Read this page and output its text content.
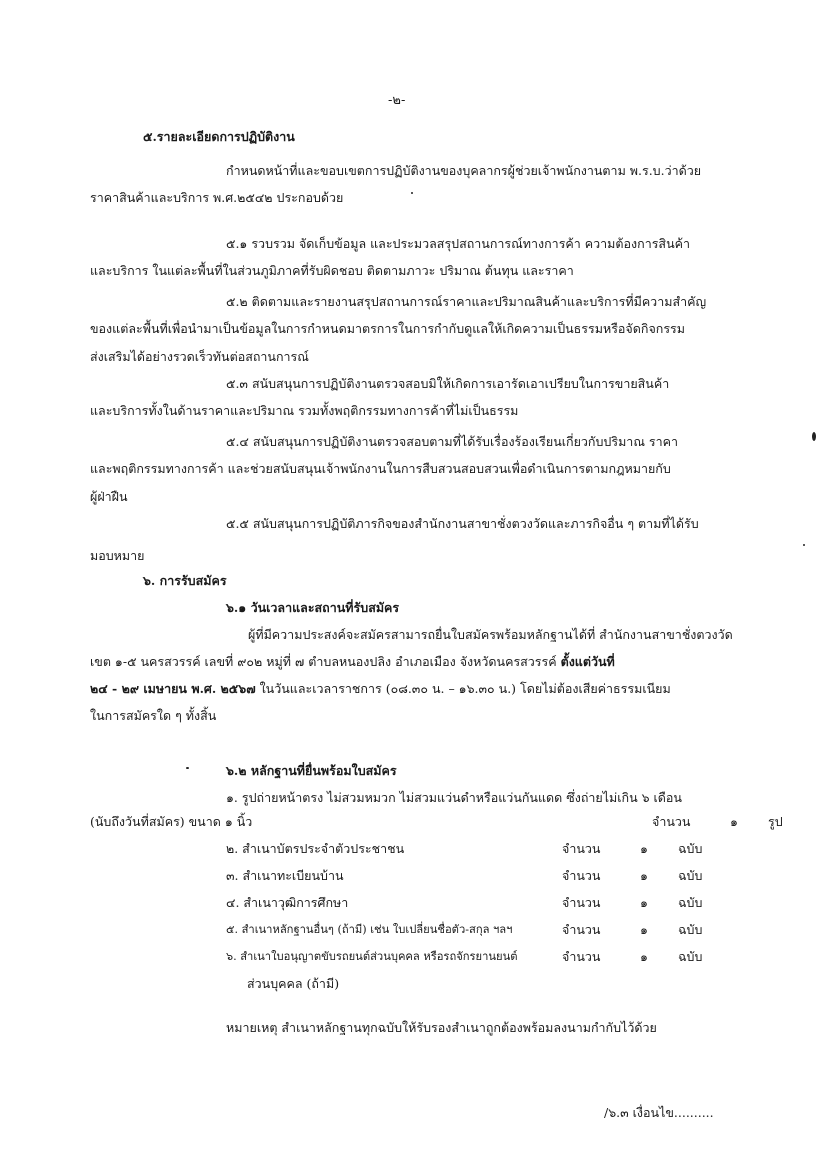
-๒-
๕.รายละเอียดการปฏิบัติงาน
กำหนดหน้าที่และขอบเขตการปฏิบัติงานของบุคลากรผู้ช่วยเจ้าพนักงานตาม พ.ร.บ.ว่าด้วย
ราคาสินค้าและบริการ พ.ศ.๒๕๔๒ ประกอบด้วย
๕.๑ รวบรวม จัดเก็บข้อมูล และประมวลสรุปสถานการณ์ทางการค้า ความต้องการสินค้า
และบริการ ในแต่ละพื้นที่ในส่วนภูมิภาคที่รับผิดชอบ ติดตามภาวะ ปริมาณ ต้นทุน และราคา
๕.๒ ติดตามและรายงานสรุปสถานการณ์ราคาและปริมาณสินค้าและบริการที่มีความสำคัญ
ของแต่ละพื้นที่เพื่อนำมาเป็นข้อมูลในการกำหนดมาตรการในการกำกับดูแลให้เกิดความเป็นธรรมหรือจัดกิจกรรม
ส่งเสริมได้อย่างรวดเร็วทันต่อสถานการณ์
๕.๓ สนับสนุนการปฏิบัติงานตรวจสอบมิให้เกิดการเอารัดเอาเปรียบในการขายสินค้า
และบริการทั้งในด้านราคาและปริมาณ รวมทั้งพฤติกรรมทางการค้าที่ไม่เป็นธรรม
๕.๔ สนับสนุนการปฏิบัติงานตรวจสอบตามที่ได้รับเรื่องร้องเรียนเกี่ยวกับปริมาณ ราคา
และพฤติกรรมทางการค้า และช่วยสนับสนุนเจ้าพนักงานในการสืบสวนสอบสวนเพื่อดำเนินการตามกฎหมายกับ
ผู้ฝ่าฝืน
๕.๕ สนับสนุนการปฏิบัติภารกิจของสำนักงานสาขาชั่งตวงวัดและภารกิจอื่น ๆ ตามที่ได้รับ
มอบหมาย
๖. การรับสมัคร
๖.๑ วันเวลาและสถานที่รับสมัคร
ผู้ที่มีความประสงค์จะสมัครสามารถยื่นใบสมัครพร้อมหลักฐานได้ที่ สำนักงานสาขาชั่งตวงวัด
เขต ๑-๕ นครสวรรค์ เลขที่ ๙๐๒ หมู่ที่ ๗ ตำบลหนองปลิง อำเภอเมือง จังหวัดนครสวรรค์ ตั้งแต่วันที่
๒๔ - ๒๙ เมษายน พ.ศ. ๒๕๖๗ ในวันและเวลาราชการ (๐๘.๓๐ น. – ๑๖.๓๐ น.) โดยไม่ต้องเสียค่าธรรมเนียม
ในการสมัครใด ๆ ทั้งสิ้น
๖.๒ หลักฐานที่ยื่นพร้อมใบสมัคร
๑. รูปถ่ายหน้าตรง ไม่สวมหมวก ไม่สวมแว่นดำหรือแว่นกันแดด ซึ่งถ่ายไม่เกิน ๖ เดือน
(นับถึงวันที่สมัคร) ขนาด ๑ นิ้ว	จำนวน	๑ รูป
๒. สำเนาบัตรประจำตัวประชาชน	จำนวน	๑ ฉบับ
๓. สำเนาทะเบียนบ้าน	จำนวน	๑ ฉบับ
๔. สำเนาวุฒิการศึกษา	จำนวน	๑ ฉบับ
๕. สำเนาหลักฐานอื่นๆ (ถ้ามี) เช่น ใบเปลี่ยนชื่อตัว-สกุล ฯลฯ	จำนวน	๑ ฉบับ
๖. สำเนาใบอนุญาตขับรถยนต์ส่วนบุคคล หรือรถจักรยานยนต์	จำนวน	๑ ฉบับ
ส่วนบุคคล (ถ้ามี)
หมายเหตุ สำเนาหลักฐานทุกฉบับให้รับรองสำเนาถูกต้องพร้อมลงนามกำกับไว้ด้วย
/๖.๓ เงื่อนไข..........
